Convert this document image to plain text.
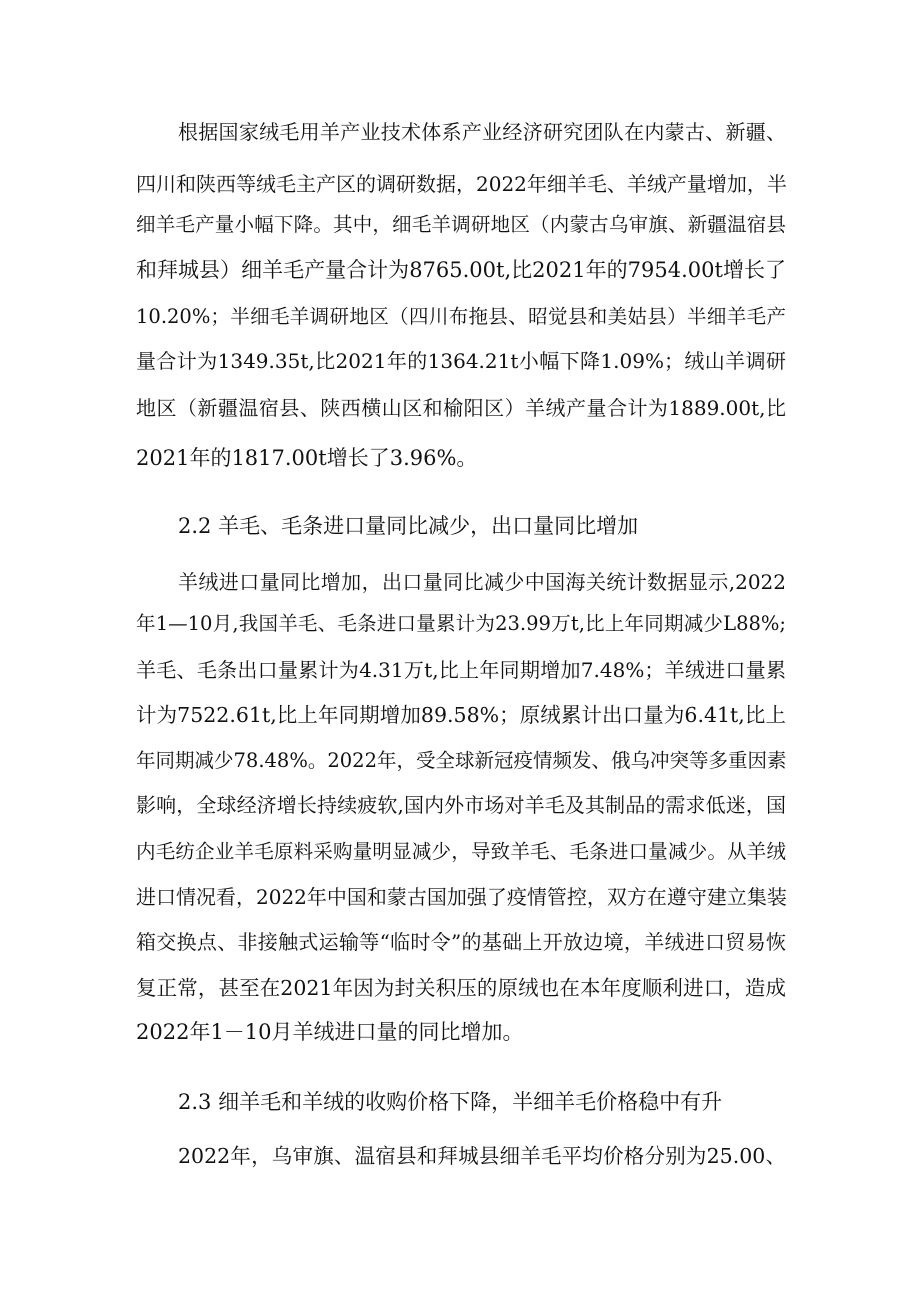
根据国家绒毛用羊产业技术体系产业经济研究团队在内蒙古、新疆、
四川和陕西等绒毛主产区的调研数据，2022年细羊毛、羊绒产量增加，半
细羊毛产量小幅下降。其中，细毛羊调研地区（内蒙古乌审旗、新疆温宿县
和拜城县）细羊毛产量合计为8765.00t,比2021年的7954.00t增长了
10.20%；半细毛羊调研地区（四川布拖县、昭觉县和美姑县）半细羊毛产
量合计为1349.35t,比2021年的1364.21t小幅下降1.09%；绒山羊调研
地区（新疆温宿县、陕西横山区和榆阳区）羊绒产量合计为1889.00t,比
2021年的1817.00t增长了3.96%。
2.2 羊毛、毛条进口量同比减少，出口量同比增加
羊绒进口量同比增加，出口量同比减少中国海关统计数据显示,2022
年1—10月,我国羊毛、毛条进口量累计为23.99万t,比上年同期减少L88%;
羊毛、毛条出口量累计为4.31万t,比上年同期增加7.48%；羊绒进口量累
计为7522.61t,比上年同期增加89.58%；原绒累计出口量为6.41t,比上
年同期减少78.48%。2022年，受全球新冠疫情频发、俄乌冲突等多重因素
影响，全球经济增长持续疲软,国内外市场对羊毛及其制品的需求低迷，国
内毛纺企业羊毛原料采购量明显减少，导致羊毛、毛条进口量减少。从羊绒
进口情况看，2022年中国和蒙古国加强了疫情管控，双方在遵守建立集装
箱交换点、非接触式运输等“临时令”的基础上开放边境，羊绒进口贸易恢
复正常，甚至在2021年因为封关积压的原绒也在本年度顺利进口，造成
2022年1－10月羊绒进口量的同比增加。
2.3 细羊毛和羊绒的收购价格下降，半细羊毛价格稳中有升
2022年，乌审旗、温宿县和拜城县细羊毛平均价格分别为25.00、
